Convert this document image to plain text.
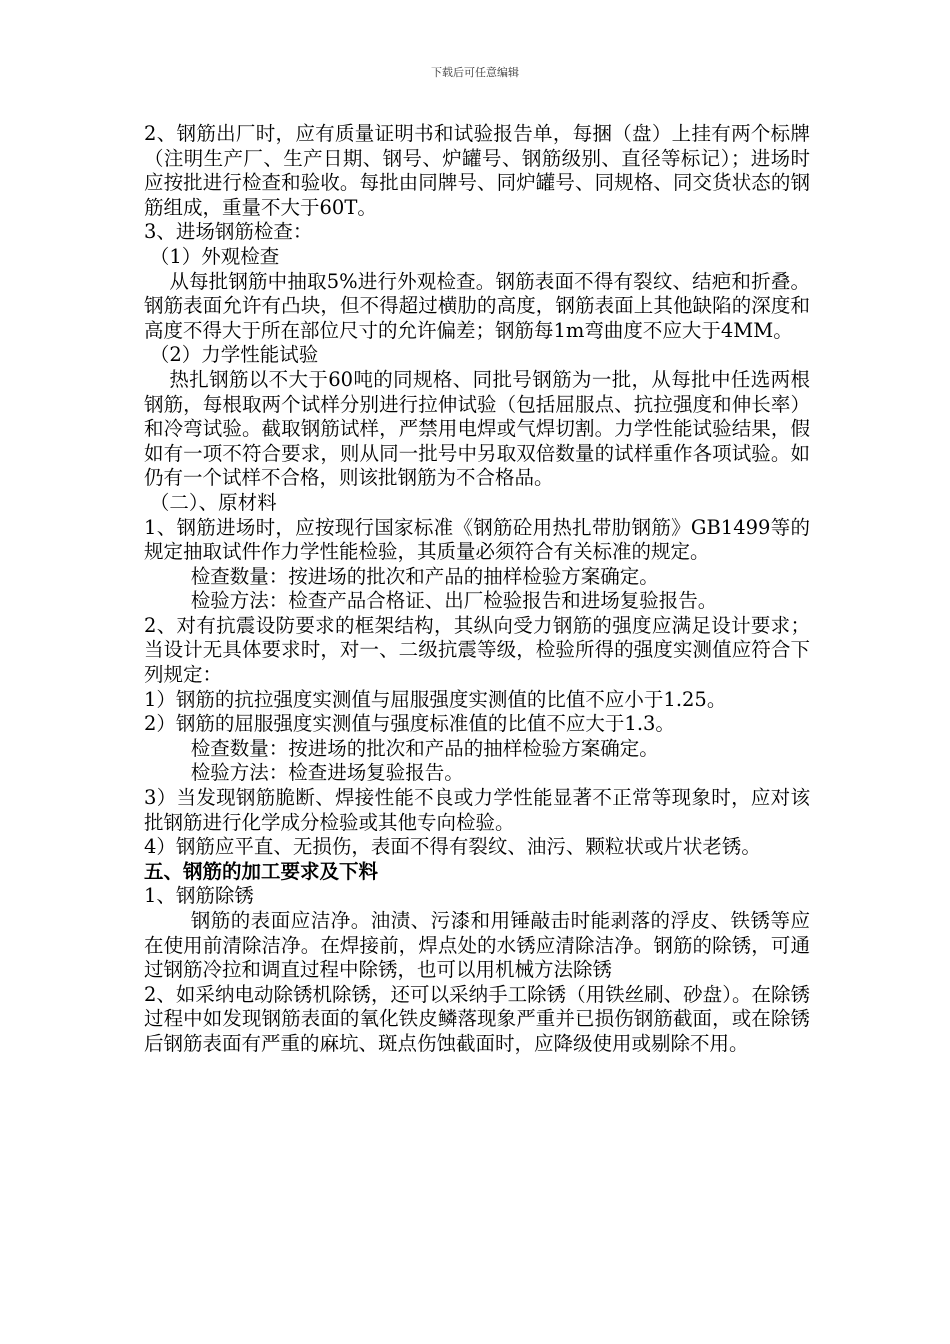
下载后可任意编辑

2、钢筋出厂时，应有质量证明书和试验报告单，每捆（盘）上挂有两个标牌（注明生产厂、生产日期、钢号、炉罐号、钢筋级别、直径等标记）；进场时应按批进行检查和验收。每批由同牌号、同炉罐号、同规格、同交货状态的钢筋组成，重量不大于60T。

3、进场钢筋检查：

（1）外观检查

从每批钢筋中抽取5%进行外观检查。钢筋表面不得有裂纹、结疤和折叠。钢筋表面允许有凸块，但不得超过横肋的高度，钢筋表面上其他缺陷的深度和高度不得大于所在部位尺寸的允许偏差；钢筋每1m弯曲度不应大于4MM。

（2）力学性能试验

热扎钢筋以不大于60吨的同规格、同批号钢筋为一批，从每批中任选两根钢筋，每根取两个试样分别进行拉伸试验（包括屈服点、抗拉强度和伸长率）和冷弯试验。截取钢筋试样，严禁用电焊或气焊切割。力学性能试验结果，假如有一项不符合要求，则从同一批号中另取双倍数量的试样重作各项试验。如仍有一个试样不合格，则该批钢筋为不合格品。

（二）、原材料

1、钢筋进场时，应按现行国家标准《钢筋砼用热扎带肋钢筋》GB1499等的规定抽取试件作力学性能检验，其质量必须符合有关标准的规定。

检查数量：按进场的批次和产品的抽样检验方案确定。

检验方法：检查产品合格证、出厂检验报告和进场复验报告。

2、对有抗震设防要求的框架结构，其纵向受力钢筋的强度应满足设计要求；当设计无具体要求时，对一、二级抗震等级，检验所得的强度实测值应符合下列规定：

1）钢筋的抗拉强度实测值与屈服强度实测值的比值不应小于1.25。

2）钢筋的屈服强度实测值与强度标准值的比值不应大于1.3。

检查数量：按进场的批次和产品的抽样检验方案确定。

检验方法：检查进场复验报告。

3）当发现钢筋脆断、焊接性能不良或力学性能显著不正常等现象时，应对该批钢筋进行化学成分检验或其他专向检验。

4）钢筋应平直、无损伤，表面不得有裂纹、油污、颗粒状或片状老锈。

五、钢筋的加工要求及下料

1、钢筋除锈

钢筋的表面应洁净。油渍、污漆和用锤敲击时能剥落的浮皮、铁锈等应在使用前清除洁净。在焊接前，焊点处的水锈应清除洁净。钢筋的除锈，可通过钢筋冷拉和调直过程中除锈，也可以用机械方法除锈

2、如采纳电动除锈机除锈，还可以采纳手工除锈（用铁丝刷、砂盘）。在除锈过程中如发现钢筋表面的氧化铁皮鳞落现象严重并已损伤钢筋截面，或在除锈后钢筋表面有严重的麻坑、斑点伤蚀截面时，应降级使用或剔除不用。
